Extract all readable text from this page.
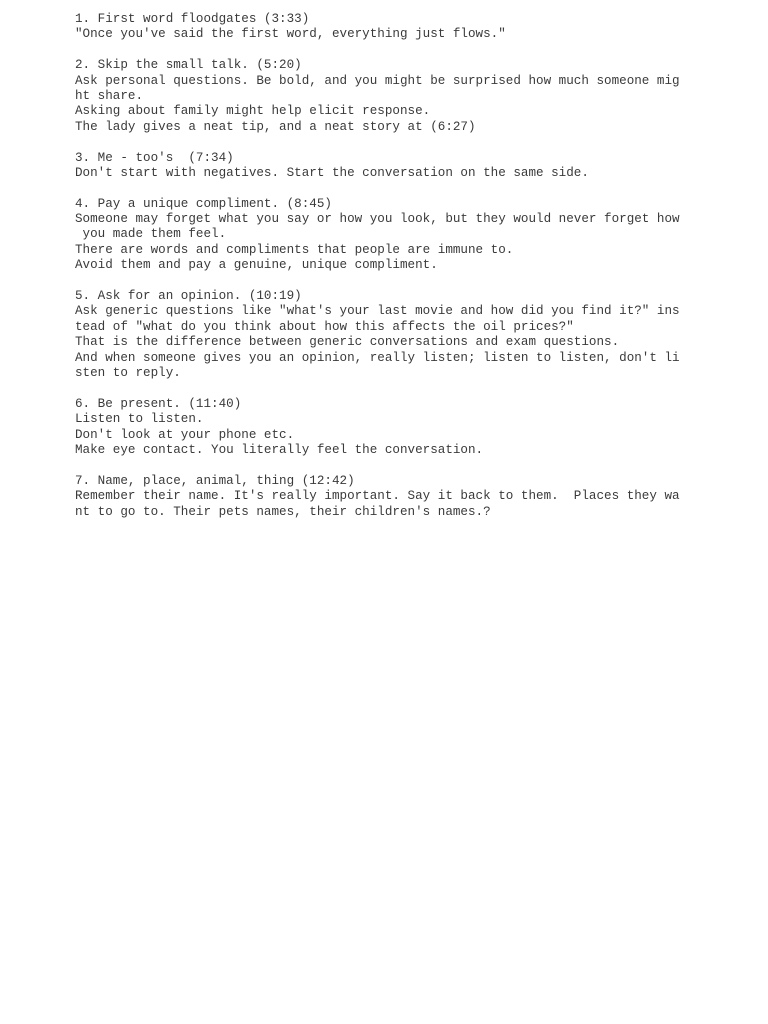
1. First word floodgates (3:33)
"Once you've said the first word, everything just flows."
2. Skip the small talk. (5:20)
Ask personal questions. Be bold, and you might be surprised how much someone mig
ht share.
Asking about family might help elicit response.
The lady gives a neat tip, and a neat story at (6:27)
3. Me - too's  (7:34)
Don't start with negatives. Start the conversation on the same side.
4. Pay a unique compliment. (8:45)
Someone may forget what you say or how you look, but they would never forget how
you made them feel.
There are words and compliments that people are immune to.
Avoid them and pay a genuine, unique compliment.
5. Ask for an opinion. (10:19)
Ask generic questions like "what's your last movie and how did you find it?" ins
tead of "what do you think about how this affects the oil prices?"
That is the difference between generic conversations and exam questions.
And when someone gives you an opinion, really listen; listen to listen, don't li
sten to reply.
6. Be present. (11:40)
Listen to listen.
Don't look at your phone etc.
Make eye contact. You literally feel the conversation.
7. Name, place, animal, thing (12:42)
Remember their name. It's really important. Say it back to them.  Places they wa
nt to go to. Their pets names, their children's names.?
